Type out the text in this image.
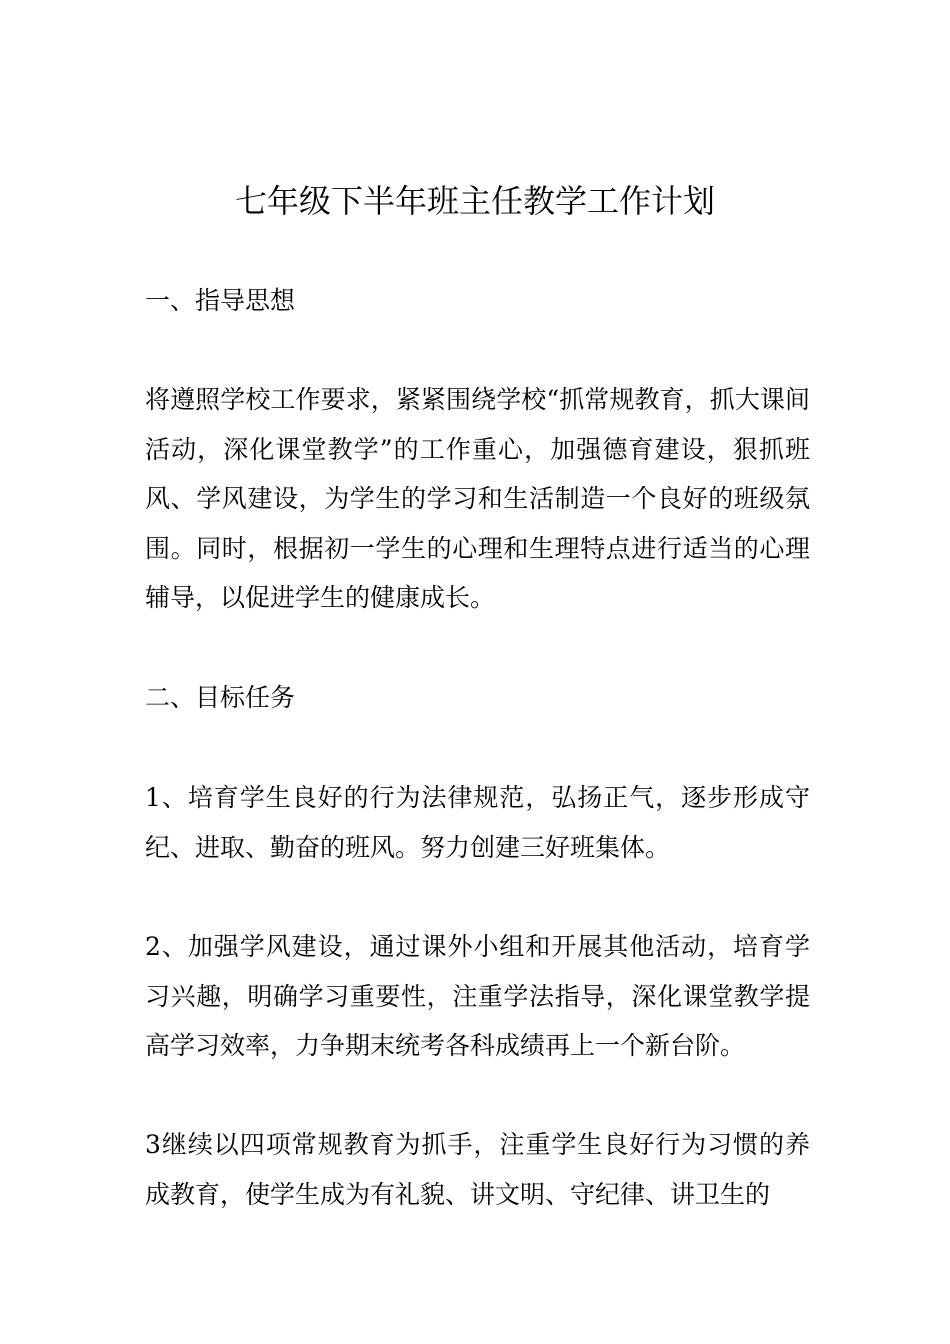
七年级下半年班主任教学工作计划

一、指导思想

将遵照学校工作要求，紧紧围绕学校“抓常规教育，抓大课间活动，深化课堂教学”的工作重心，加强德育建设，狠抓班风、学风建设，为学生的学习和生活制造一个良好的班级氛围。同时，根据初一学生的心理和生理特点进行适当的心理辅导，以促进学生的健康成长。

二、目标任务

1、培育学生良好的行为法律规范，弘扬正气，逐步形成守纪、进取、勤奋的班风。努力创建三好班集体。

2、加强学风建设，通过课外小组和开展其他活动，培育学习兴趣，明确学习重要性，注重学法指导，深化课堂教学提高学习效率，力争期末统考各科成绩再上一个新台阶。

3继续以四项常规教育为抓手，注重学生良好行为习惯的养成教育，使学生成为有礼貌、讲文明、守纪律、讲卫生的
